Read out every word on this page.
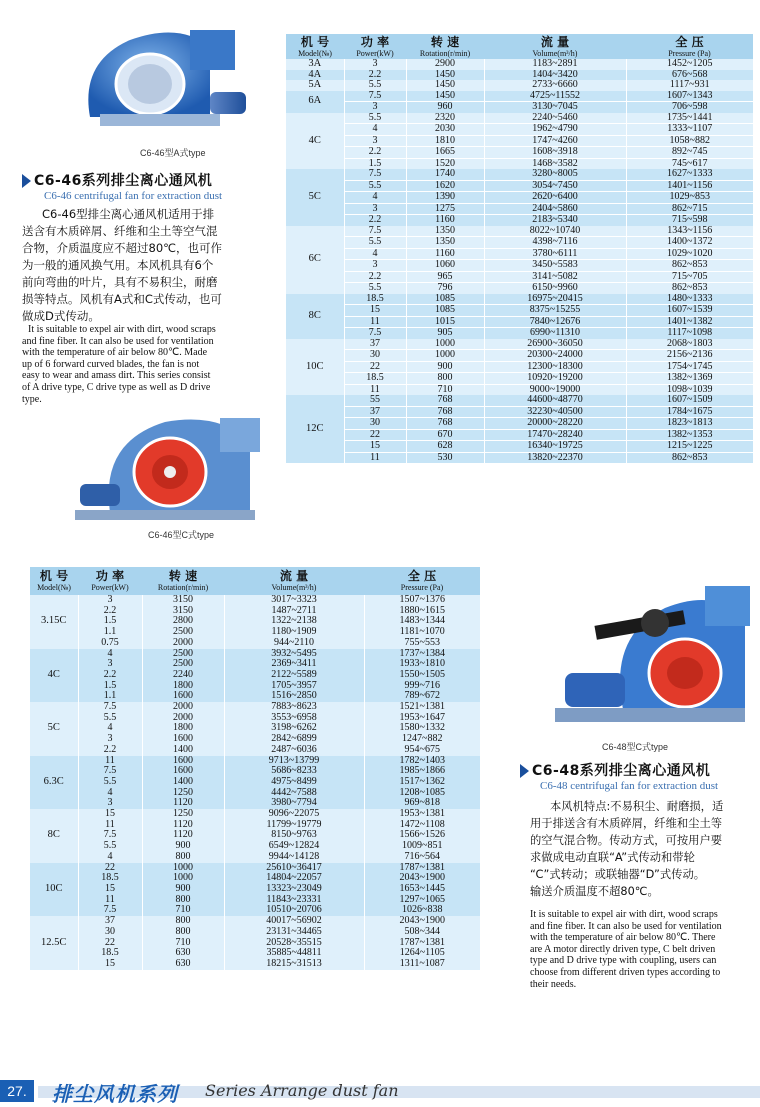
C6-46型A式type
C6-46系列排尘离心通风机
C6-46 centrifugal fan for extraction dust
C6-46型排尘离心通风机适用于排
送含有木质碎屑、纤维和尘土等空气混
合物，介质温度应不超过80℃，也可作
为一般的通风换气用。本风机具有6个
前向弯曲的叶片，具有不易积尘，耐磨
损等特点。风机有A式和C式传动，也可
做成D式传动。
It is suitable to expel air with dirt, wood scraps
and fine fiber. It can also be used for ventilation
with the temperature of air below 80℃. Made
up of 6 forward curved blades, the fan is not
easy to wear and amass dirt. This series consist
of A drive type, C drive type as well as D drive
type.
C6-46型C式type
机 号
Model(№)	功 率
Power(kW)	转 速
Rotation(r/min)	流 量
Volume(m³/h)	全 压
Pressure (Pa)

3A	3	2900	1183~2891	1452~1205
4A	2.2	1450	1404~3420	676~568
5A	5.5	1450	2733~6660	1117~931
6A	7.5	1450	4725~11552	1607~1343
	3	960	3130~7045	706~598
4C	5.5	2320	2240~5460	1735~1441
	4	2030	1962~4790	1333~1107
	3	1810	1747~4260	1058~882
	2.2	1665	1608~3918	892~745
	1.5	1520	1468~3582	745~617
5C	7.5	1740	3280~8005	1627~1333
	5.5	1620	3054~7450	1401~1156
	4	1390	2620~6400	1029~853
	3	1275	2404~5860	862~715
	2.2	1160	2183~5340	715~598
6C	7.5	1350	8022~10740	1343~1156
	5.5	1350	4398~7116	1400~1372
	4	1160	3780~6111	1029~1020
	3	1060	3450~5583	862~853
	2.2	965	3141~5082	715~705
	5.5	796	6150~9960	862~853
8C	18.5	1085	16975~20415	1480~1333
	15	1085	8375~15255	1607~1539
	11	1015	7840~12676	1401~1382
	7.5	905	6990~11310	1117~1098
10C	37	1000	26900~36050	2068~1803
	30	1000	20300~24000	2156~2136
	22	900	12300~18300	1754~1745
	18.5	800	10920~19200	1382~1369
	11	710	9000~19000	1098~1039
12C	55	768	44600~48770	1607~1509
	37	768	32230~40500	1784~1675
	30	768	20000~28220	1823~1813
	22	670	17470~28240	1382~1353
	15	628	16340~19725	1215~1225
	11	530	13820~22370	862~853
机 号
Model(№)	功 率
Power(kW)	转 速
Rotation(r/min)	流 量
Volume(m³/h)	全 压
Pressure (Pa)

3.15C	3	3150	3017~3323	1507~1376
	2.2	3150	1487~2711	1880~1615
	1.5	2800	1322~2138	1483~1344
	1.1	2500	1180~1909	1181~1070
	0.75	2000	944~2110	755~553
4C	4	2500	3932~5495	1737~1384
	3	2500	2369~3411	1933~1810
	2.2	2240	2122~5589	1550~1505
	1.5	1800	1705~3957	999~716
	1.1	1600	1516~2850	789~672
5C	7.5	2000	7883~8623	1521~1381
	5.5	2000	3553~6958	1953~1647
	4	1800	3198~6262	1580~1332
	3	1600	2842~6899	1247~882
	2.2	1400	2487~6036	954~675
6.3C	11	1600	9713~13799	1782~1403
	7.5	1600	5686~8233	1985~1866
	5.5	1400	4975~8499	1517~1362
	4	1250	4442~7588	1208~1085
	3	1120	3980~7794	969~818
8C	15	1250	9096~22075	1953~1381
	11	1120	11799~19779	1472~1108
	7.5	1120	8150~9763	1566~1526
	5.5	900	6549~12824	1009~851
	4	800	9944~14128	716~564
10C	22	1000	25610~36417	1787~1381
	18.5	1000	14804~22057	2043~1900
	15	900	13323~23049	1653~1445
	11	800	11843~23331	1297~1065
	7.5	710	10510~20706	1026~838
12.5C	37	800	40017~56902	2043~1900
	30	800	23131~34465	508~344
	22	710	20528~35515	1787~1381
	18.5	630	35885~44811	1264~1105
	15	630	18215~31513	1311~1087
C6-48型C式type
C6-48系列排尘离心通风机
C6-48 centrifugal fan for extraction dust
本风机特点:不易积尘、耐磨损，适
用于排送含有木质碎屑，纤维和尘土等
的空气混合物。传动方式，可按用户要
求做成电动直联“A”式传动和带轮
“C”式转动；或联轴器“D”式传动。
输送介质温度不超80℃。
It is suitable to expel air with dirt, wood scraps
and fine fiber. It can also be used for ventilation
with the temperature of air below 80℃. There
are A motor directly driven type, C belt driven
type and D drive type with coupling, users can
choose from different driven types according to
their needs.
27.	排尘风机系列 Series Arrange dust fan
